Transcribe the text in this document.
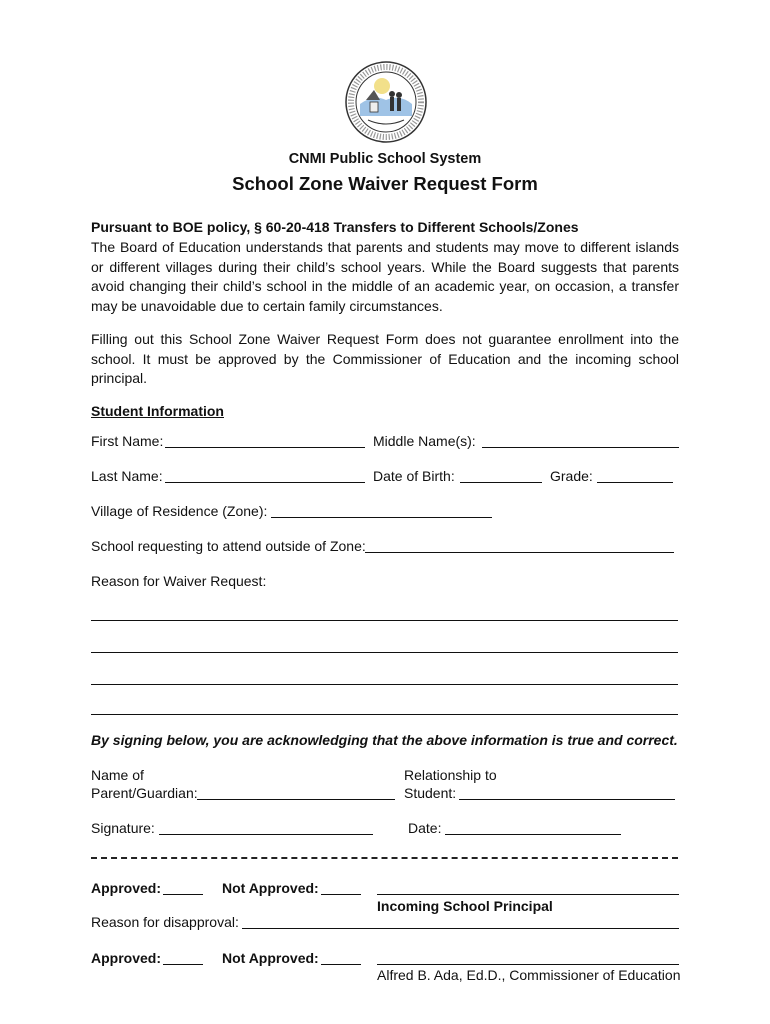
CNMI Public School System
School Zone Waiver Request Form
Pursuant to BOE policy, § 60-20-418 Transfers to Different Schools/Zones
The Board of Education understands that parents and students may move to different islands or different villages during their child’s school years. While the Board suggests that parents avoid changing their child’s school in the middle of an academic year, on occasion, a transfer may be unavoidable due to certain family circumstances.
Filling out this School Zone Waiver Request Form does not guarantee enrollment into the school. It must be approved by the Commissioner of Education and the incoming school principal.
Student Information
First Name:	Middle Name(s):
Last Name:	Date of Birth:	Grade:
Village of Residence (Zone):
School requesting to attend outside of Zone:
Reason for Waiver Request:
By signing below, you are acknowledging that the above information is true and correct.
Name of
Parent/Guardian:
Relationship to
Student:
Signature:	Date:
Approved:	Not Approved:
Incoming School Principal
Reason for disapproval:
Approved:	Not Approved:
Alfred B. Ada, Ed.D., Commissioner of Education
